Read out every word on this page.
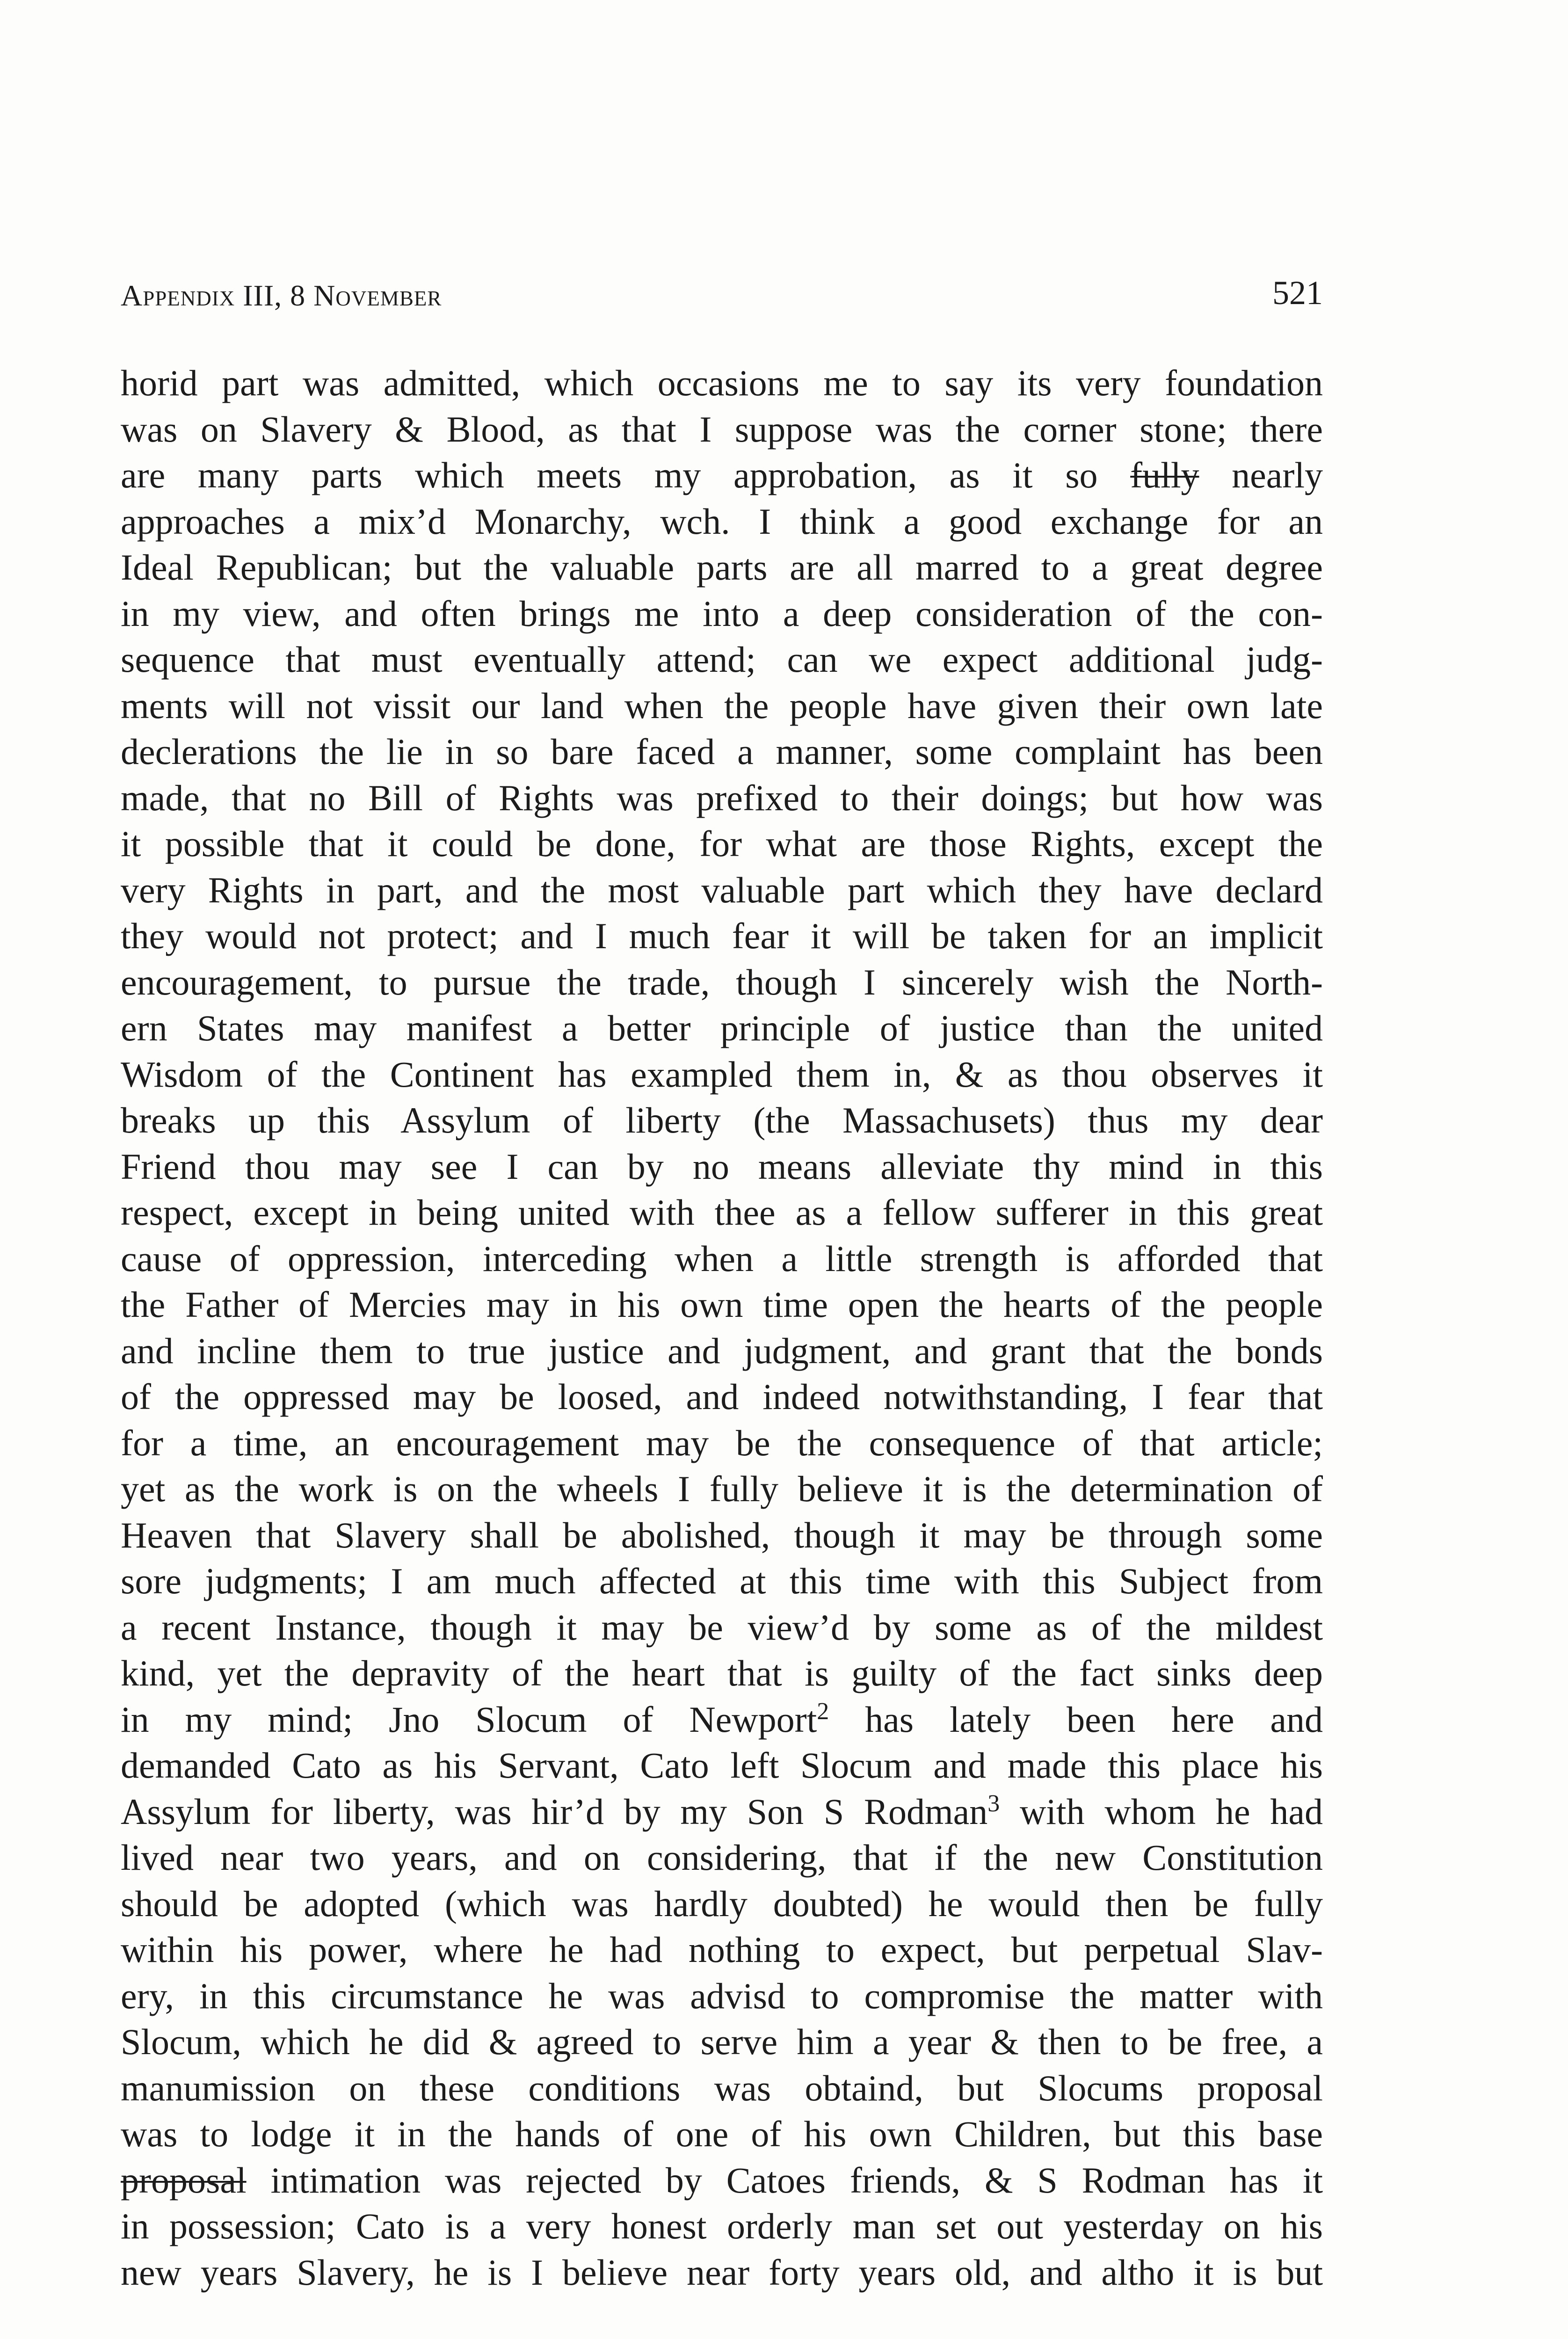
Appendix III, 8 November	521
horid part was admitted, which occasions me to say its very foundation
was on Slavery & Blood, as that I suppose was the corner stone; there
are many parts which meets my approbation, as it so fully nearly
approaches a mix’d Monarchy, wch. I think a good exchange for an
Ideal Republican; but the valuable parts are all marred to a great degree
in my view, and often brings me into a deep consideration of the con-
sequence that must eventually attend; can we expect additional judg-
ments will not vissit our land when the people have given their own late
declerations the lie in so bare faced a manner, some complaint has been
made, that no Bill of Rights was prefixed to their doings; but how was
it possible that it could be done, for what are those Rights, except the
very Rights in part, and the most valuable part which they have declard
they would not protect; and I much fear it will be taken for an implicit
encouragement, to pursue the trade, though I sincerely wish the North-
ern States may manifest a better principle of justice than the united
Wisdom of the Continent has exampled them in, & as thou observes it
breaks up this Assylum of liberty (the Massachusets) thus my dear
Friend thou may see I can by no means alleviate thy mind in this
respect, except in being united with thee as a fellow sufferer in this great
cause of oppression, interceding when a little strength is afforded that
the Father of Mercies may in his own time open the hearts of the people
and incline them to true justice and judgment, and grant that the bonds
of the oppressed may be loosed, and indeed notwithstanding, I fear that
for a time, an encouragement may be the consequence of that article;
yet as the work is on the wheels I fully believe it is the determination of
Heaven that Slavery shall be abolished, though it may be through some
sore judgments; I am much affected at this time with this Subject from
a recent Instance, though it may be view’d by some as of the mildest
kind, yet the depravity of the heart that is guilty of the fact sinks deep
in my mind; Jno Slocum of Newport$^2$ has lately been here and
demanded Cato as his Servant, Cato left Slocum and made this place his
Assylum for liberty, was hir’d by my Son S Rodman$^3$ with whom he had
lived near two years, and on considering, that if the new Constitution
should be adopted (which was hardly doubted) he would then be fully
within his power, where he had nothing to expect, but perpetual Slav-
ery, in this circumstance he was advisd to compromise the matter with
Slocum, which he did & agreed to serve him a year & then to be free, a
manumission on these conditions was obtaind, but Slocums proposal
was to lodge it in the hands of one of his own Children, but this base
proposal intimation was rejected by Catoes friends, & S Rodman has it
in possession; Cato is a very honest orderly man set out yesterday on his
new years Slavery, he is I believe near forty years old, and altho it is but
